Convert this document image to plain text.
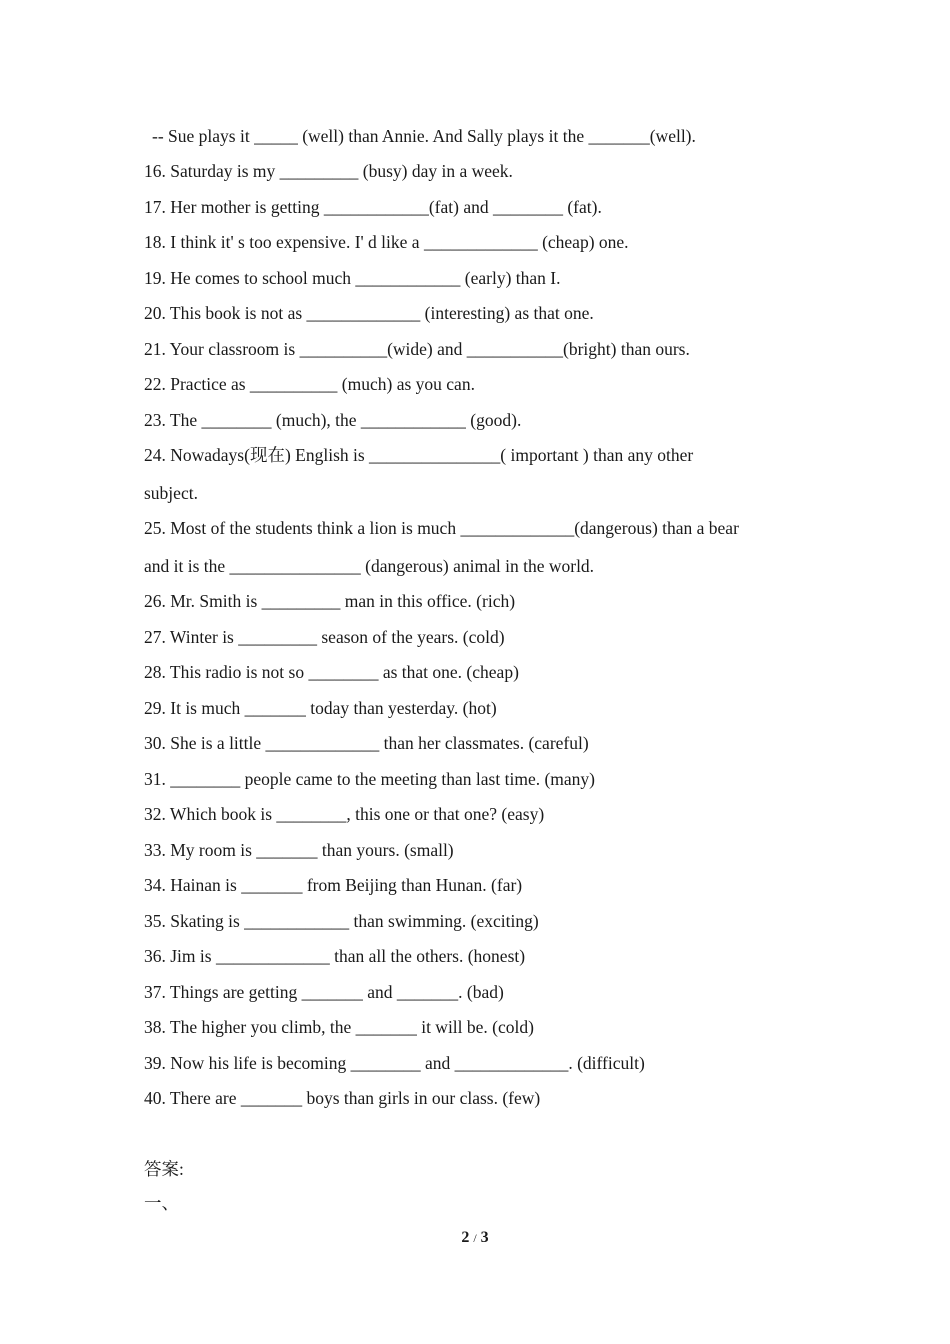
-- Sue plays it _____ (well) than Annie. And Sally plays it the _______(well).
16. Saturday is my _________ (busy) day in a week.
17. Her mother is getting ____________(fat) and ________ (fat).
18. I think it' s too expensive. I' d like a _____________ (cheap) one.
19. He comes to school much ____________ (early) than I.
20. This book is not as _____________ (interesting) as that one.
21. Your classroom is __________(wide) and ___________(bright) than ours.
22. Practice as __________ (much) as you can.
23. The ________ (much), the ____________ (good).
24. Nowadays(现在) English is _______________( important ) than any other
subject.
25. Most of the students think a lion is much _____________(dangerous) than a bear
and it is the _______________ (dangerous) animal in the world.
26. Mr. Smith is _________ man in this office. (rich)
27. Winter is _________ season of the years. (cold)
28. This radio is not so ________ as that one. (cheap)
29. It is much _______ today than yesterday. (hot)
30. She is a little _____________ than her classmates. (careful)
31. ________ people came to the meeting than last time. (many)
32. Which book is ________, this one or that one? (easy)
33. My room is _______ than yours. (small)
34. Hainan is _______ from Beijing than Hunan. (far)
35. Skating is ____________ than swimming. (exciting)
36. Jim is _____________ than all the others. (honest)
37. Things are getting _______ and _______. (bad)
38. The higher you climb, the _______ it will be. (cold)
39. Now his life is becoming ________ and _____________. (difficult)
40. There are _______ boys than girls in our class. (few)
答案:
一、
2 / 3
